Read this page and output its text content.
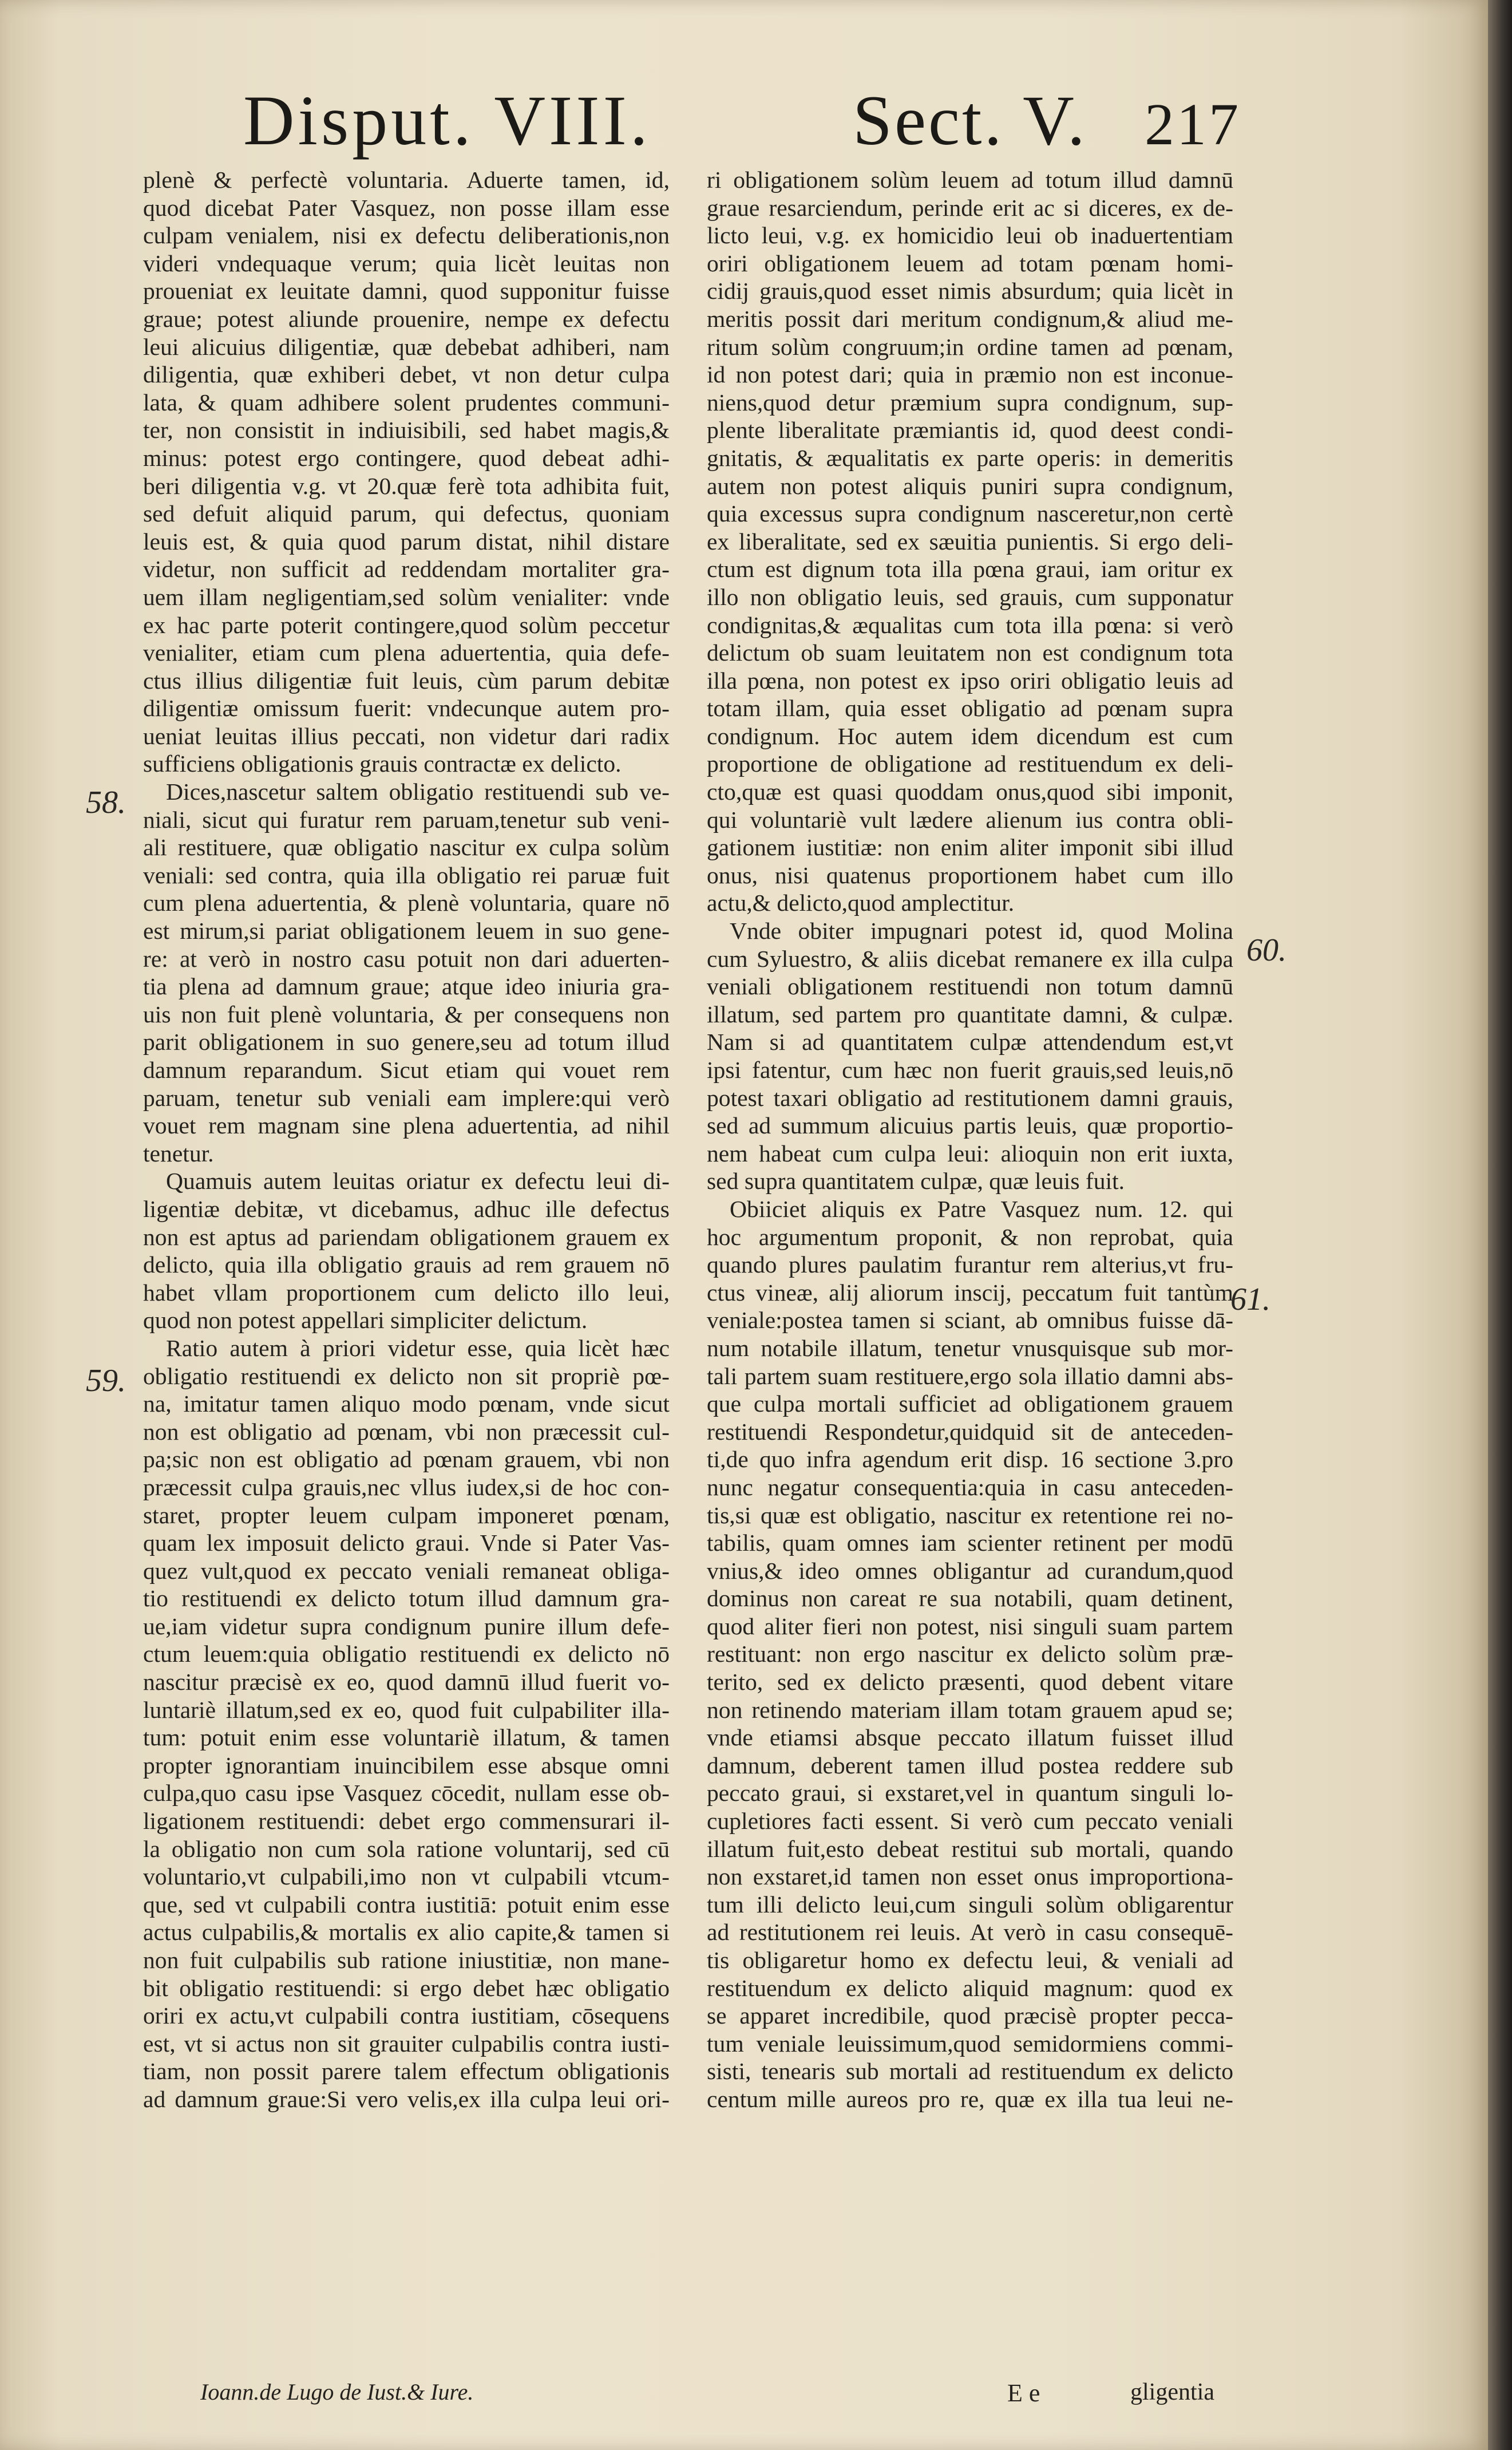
Disput. VIII.	Sect. V. 217
plenè & perfectè voluntaria. Aduerte tamen, id,
quod dicebat Pater Vasquez, non posse illam esse
culpam venialem, nisi ex defectu deliberationis,non
videri vndequaque verum; quia licèt leuitas non
proueniat ex leuitate damni, quod supponitur fuisse
graue; potest aliunde prouenire, nempe ex defectu
leui alicuius diligentiæ, quæ debebat adhiberi, nam
diligentia, quæ exhiberi debet, vt non detur culpa
lata, & quam adhibere solent prudentes communi-
ter, non consistit in indiuisibili, sed habet magis,&
minus: potest ergo contingere, quod debeat adhi-
beri diligentia v.g. vt 20.quæ ferè tota adhibita fuit,
sed defuit aliquid parum, qui defectus, quoniam
leuis est, & quia quod parum distat, nihil distare
videtur, non sufficit ad reddendam mortaliter gra-
uem illam negligentiam,sed solùm venialiter: vnde
ex hac parte poterit contingere,quod solùm peccetur
venialiter, etiam cum plena aduertentia, quia defe-
ctus illius diligentiæ fuit leuis, cùm parum debitæ
diligentiæ omissum fuerit: vndecunque autem pro-
ueniat leuitas illius peccati, non videtur dari radix
sufficiens obligationis grauis contractæ ex delicto.
Dices,nascetur saltem obligatio restituendi sub ve-
niali, sicut qui furatur rem paruam,tenetur sub veni-
ali restituere, quæ obligatio nascitur ex culpa solùm
veniali: sed contra, quia illa obligatio rei paruæ fuit
cum plena aduertentia, & plenè voluntaria, quare nō
est mirum,si pariat obligationem leuem in suo gene-
re: at verò in nostro casu potuit non dari aduerten-
tia plena ad damnum graue; atque ideo iniuria gra-
uis non fuit plenè voluntaria, & per consequens non
parit obligationem in suo genere,seu ad totum illud
damnum reparandum. Sicut etiam qui vouet rem
paruam, tenetur sub veniali eam implere:qui verò
vouet rem magnam sine plena aduertentia, ad nihil
tenetur.
Quamuis autem leuitas oriatur ex defectu leui di-
ligentiæ debitæ, vt dicebamus, adhuc ille defectus
non est aptus ad pariendam obligationem grauem ex
delicto, quia illa obligatio grauis ad rem grauem nō
habet vllam proportionem cum delicto illo leui,
quod non potest appellari simpliciter delictum.
Ratio autem à priori videtur esse, quia licèt hæc
obligatio restituendi ex delicto non sit propriè pœ-
na, imitatur tamen aliquo modo pœnam, vnde sicut
non est obligatio ad pœnam, vbi non præcessit cul-
pa;sic non est obligatio ad pœnam grauem, vbi non
præcessit culpa grauis,nec vllus iudex,si de hoc con-
staret, propter leuem culpam imponeret pœnam,
quam lex imposuit delicto graui. Vnde si Pater Vas-
quez vult,quod ex peccato veniali remaneat obliga-
tio restituendi ex delicto totum illud damnum gra-
ue,iam videtur supra condignum punire illum defe-
ctum leuem:quia obligatio restituendi ex delicto nō
nascitur præcisè ex eo, quod damnū illud fuerit vo-
luntariè illatum,sed ex eo, quod fuit culpabiliter illa-
tum: potuit enim esse voluntariè illatum, & tamen
propter ignorantiam inuincibilem esse absque omni
culpa,quo casu ipse Vasquez cōcedit, nullam esse ob-
ligationem restituendi: debet ergo commensurari il-
la obligatio non cum sola ratione voluntarij, sed cū
voluntario,vt culpabili,imo non vt culpabili vtcum-
que, sed vt culpabili contra iustitiā: potuit enim esse
actus culpabilis,& mortalis ex alio capite,& tamen si
non fuit culpabilis sub ratione iniustitiæ, non mane-
bit obligatio restituendi: si ergo debet hæc obligatio
oriri ex actu,vt culpabili contra iustitiam, cōsequens
est, vt si actus non sit grauiter culpabilis contra iusti-
tiam, non possit parere talem effectum obligationis
ad damnum graue:Si vero velis,ex illa culpa leui ori-
ri obligationem solùm leuem ad totum illud damnū
graue resarciendum, perinde erit ac si diceres, ex de-
licto leui, v.g. ex homicidio leui ob inaduertentiam
oriri obligationem leuem ad totam pœnam homi-
cidij grauis,quod esset nimis absurdum; quia licèt in
meritis possit dari meritum condignum,& aliud me-
ritum solùm congruum;in ordine tamen ad pœnam,
id non potest dari; quia in præmio non est inconue-
niens,quod detur præmium supra condignum, sup-
plente liberalitate præmiantis id, quod deest condi-
gnitatis, & æqualitatis ex parte operis: in demeritis
autem non potest aliquis puniri supra condignum,
quia excessus supra condignum nasceretur,non certè
ex liberalitate, sed ex sæuitia punientis. Si ergo deli-
ctum est dignum tota illa pœna graui, iam oritur ex
illo non obligatio leuis, sed grauis, cum supponatur
condignitas,& æqualitas cum tota illa pœna: si verò
delictum ob suam leuitatem non est condignum tota
illa pœna, non potest ex ipso oriri obligatio leuis ad
totam illam, quia esset obligatio ad pœnam supra
condignum. Hoc autem idem dicendum est cum
proportione de obligatione ad restituendum ex deli-
cto,quæ est quasi quoddam onus,quod sibi imponit,
qui voluntariè vult lædere alienum ius contra obli-
gationem iustitiæ: non enim aliter imponit sibi illud
onus, nisi quatenus proportionem habet cum illo
actu,& delicto,quod amplectitur.
Vnde obiter impugnari potest id, quod Molina
cum Syluestro, & aliis dicebat remanere ex illa culpa
veniali obligationem restituendi non totum damnū
illatum, sed partem pro quantitate damni, & culpæ.
Nam si ad quantitatem culpæ attendendum est,vt
ipsi fatentur, cum hæc non fuerit grauis,sed leuis,nō
potest taxari obligatio ad restitutionem damni grauis,
sed ad summum alicuius partis leuis, quæ proportio-
nem habeat cum culpa leui: alioquin non erit iuxta,
sed supra quantitatem culpæ, quæ leuis fuit.
Obiiciet aliquis ex Patre Vasquez num. 12. qui
hoc argumentum proponit, & non reprobat, quia
quando plures paulatim furantur rem alterius,vt fru-
ctus vineæ, alij aliorum inscij, peccatum fuit tantùm
veniale:postea tamen si sciant, ab omnibus fuisse dā-
num notabile illatum, tenetur vnusquisque sub mor-
tali partem suam restituere,ergo sola illatio damni abs-
que culpa mortali sufficiet ad obligationem grauem
restituendi Respondetur,quidquid sit de anteceden-
ti,de quo infra agendum erit disp. 16 sectione 3.pro
nunc negatur consequentia:quia in casu anteceden-
tis,si quæ est obligatio, nascitur ex retentione rei no-
tabilis, quam omnes iam scienter retinent per modū
vnius,& ideo omnes obligantur ad curandum,quod
dominus non careat re sua notabili, quam detinent,
quod aliter fieri non potest, nisi singuli suam partem
restituant: non ergo nascitur ex delicto solùm præ-
terito, sed ex delicto præsenti, quod debent vitare
non retinendo materiam illam totam grauem apud se;
vnde etiamsi absque peccato illatum fuisset illud
damnum, deberent tamen illud postea reddere sub
peccato graui, si exstaret,vel in quantum singuli lo-
cupletiores facti essent. Si verò cum peccato veniali
illatum fuit,esto debeat restitui sub mortali, quando
non exstaret,id tamen non esset onus improportiona-
tum illi delicto leui,cum singuli solùm obligarentur
ad restitutionem rei leuis. At verò in casu consequē-
tis obligaretur homo ex defectu leui, & veniali ad
restituendum ex delicto aliquid magnum: quod ex
se apparet incredibile, quod præcisè propter pecca-
tum veniale leuissimum,quod semidormiens commi-
sisti, tenearis sub mortali ad restituendum ex delicto
centum mille aureos pro re, quæ ex illa tua leui ne-
58.
59.
60.
61.
Ioann.de Lugo de Iust.& Iure.	E e	gligentia
